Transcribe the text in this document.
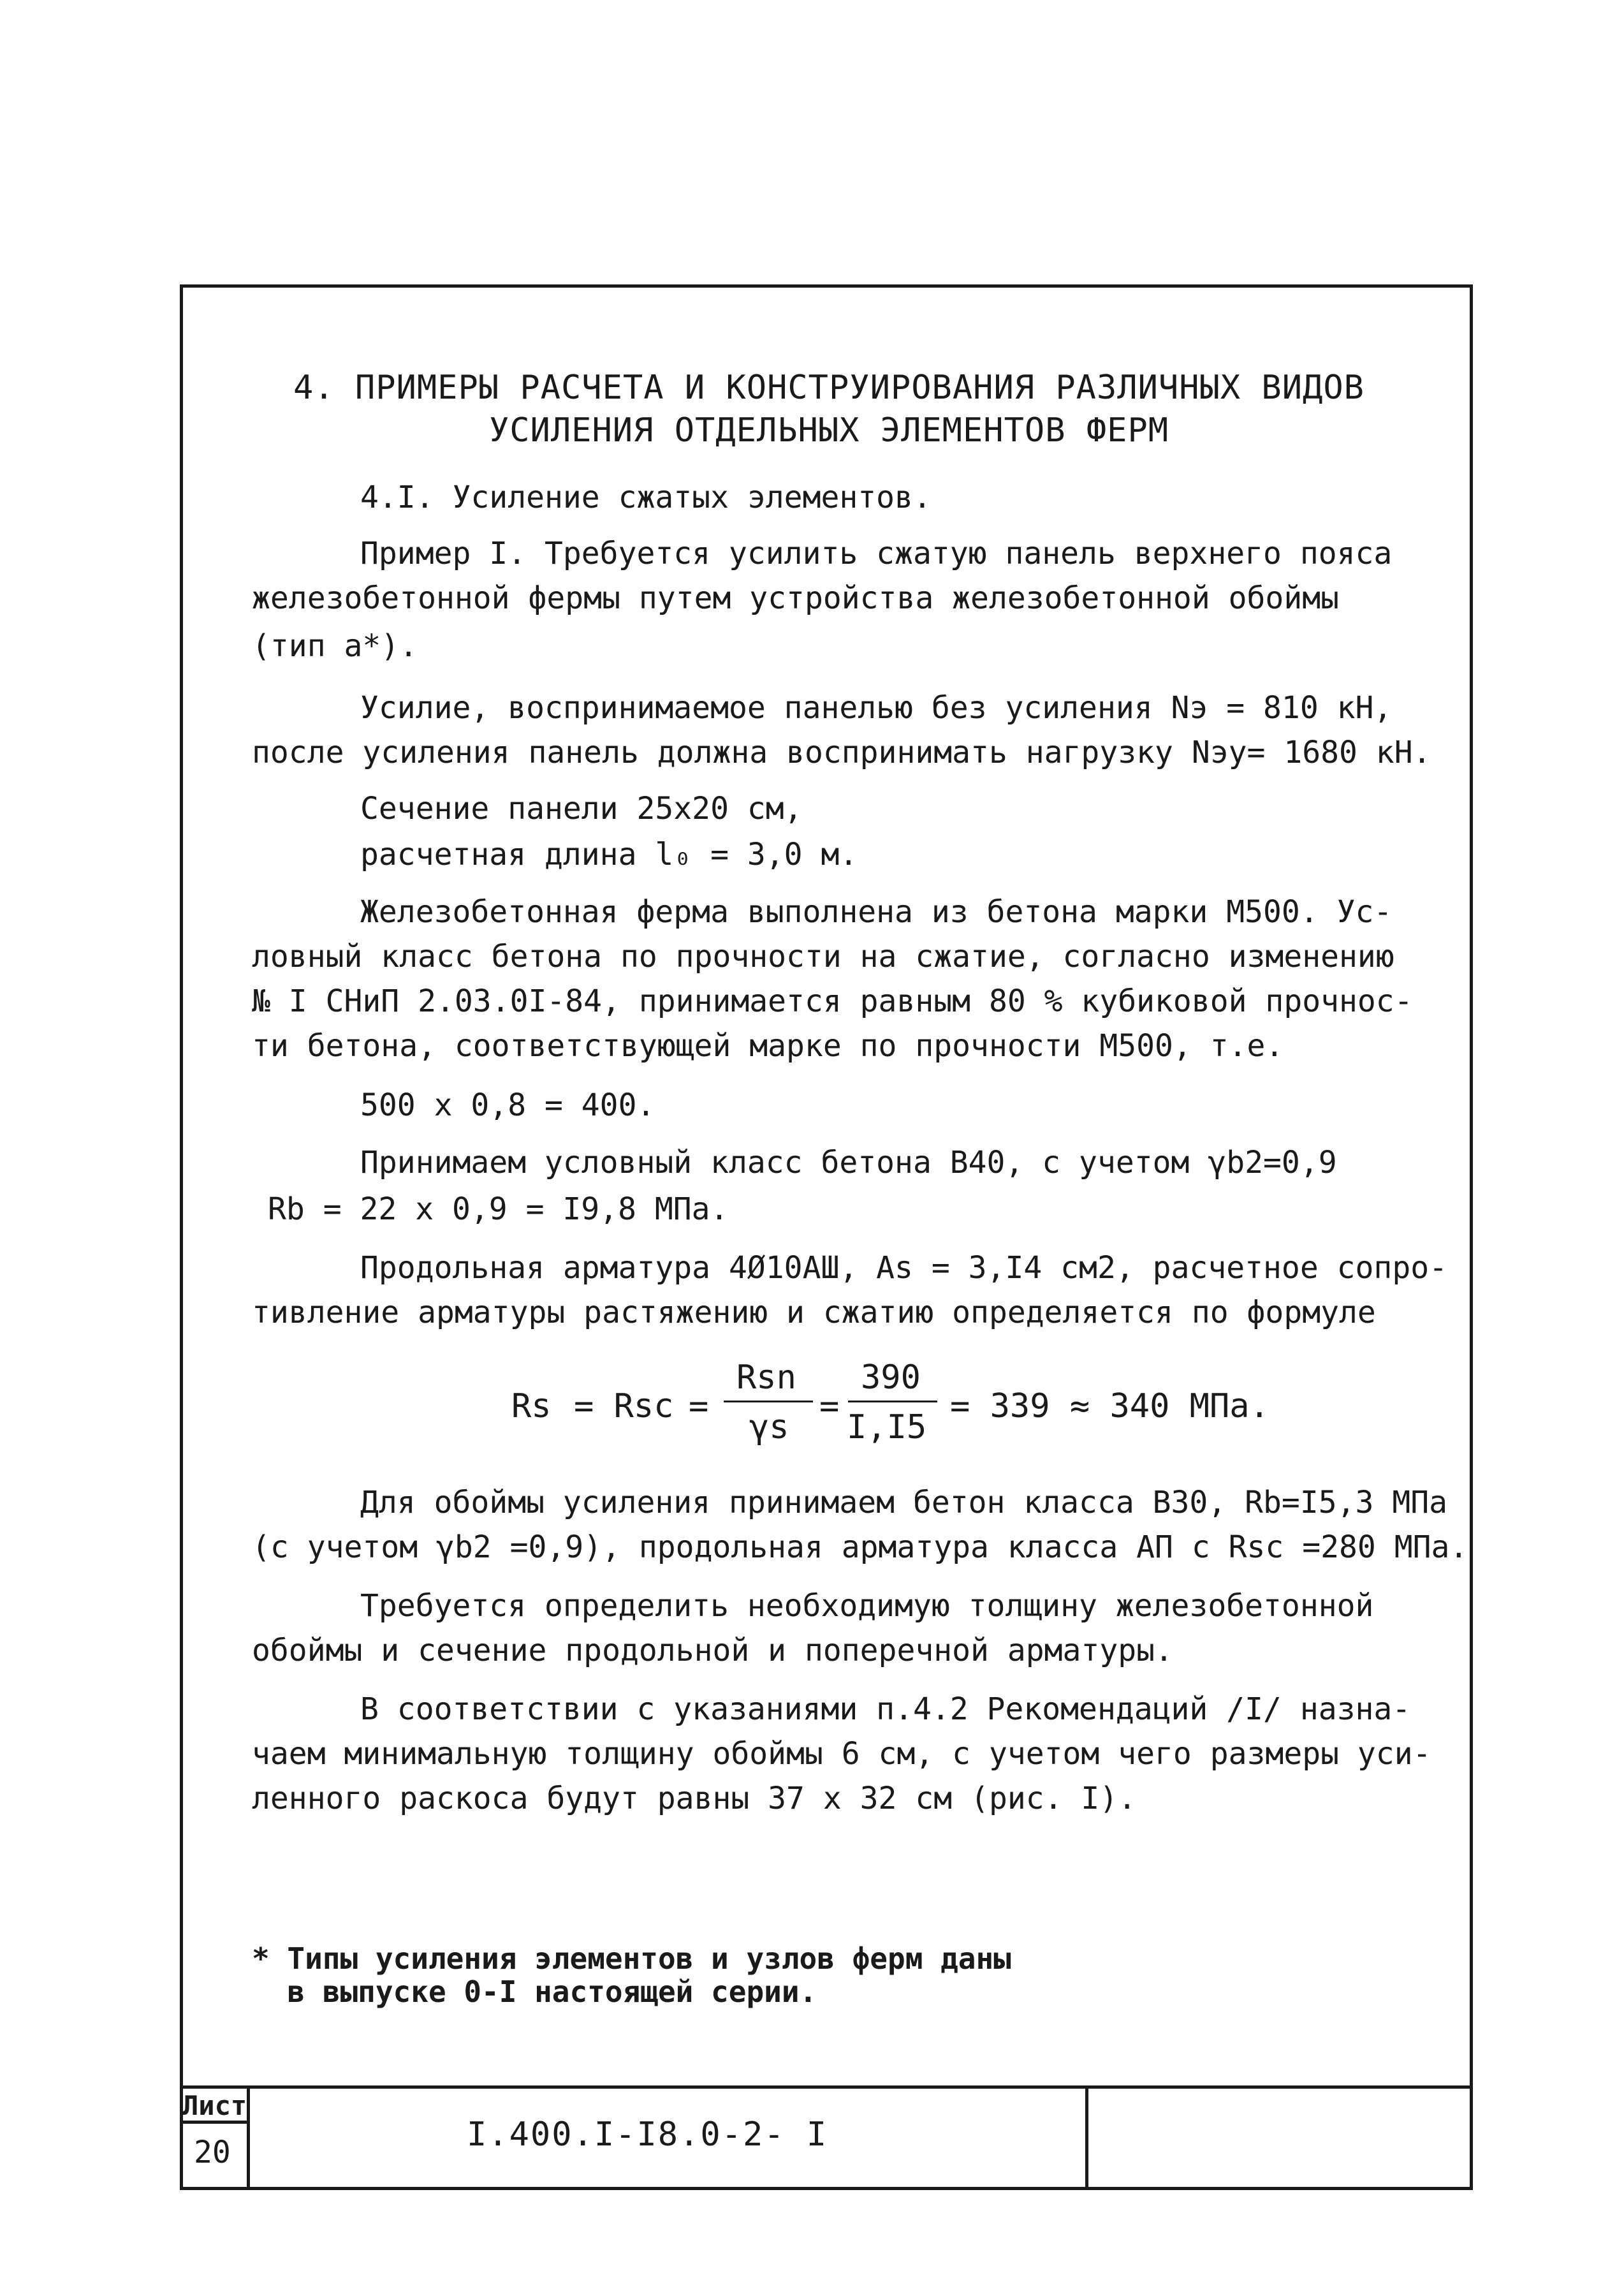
4. ПРИМЕРЫ РАСЧЕТА И КОНСТРУИРОВАНИЯ РАЗЛИЧНЫХ ВИДОВ
УСИЛЕНИЯ ОТДЕЛЬНЫХ ЭЛЕМЕНТОВ ФЕРМ

4.I. Усиление сжатых элементов.

Пример I. Требуется усилить сжатую панель верхнего пояса

железобетонной фермы путем устройства железобетонной обоймы

(тип a*).

Усилие, воспринимаемое панелью без усиления Nэ = 810 кН,

после усиления панель должна воспринимать нагрузку Nэу= 1680 кН.

Сечение панели 25х20 см,

расчетная длина l₀ = 3,0 м.

Железобетонная ферма выполнена из бетона марки М500. Ус-

ловный класс бетона по прочности на сжатие, согласно изменению

№ I СНиП 2.03.0I-84, принимается равным 80 % кубиковой прочнос-

ти бетона, соответствующей марке по прочности М500, т.е.

500 х 0,8 = 400.

Принимаем условный класс бетона В40, с учетом γb2=0,9

Rb = 22 х 0,9 = I9,8 МПа.

Продольная арматура 4Ø10АШ, As = 3,I4 см2, расчетное сопро-

тивление арматуры растяжению и сжатию определяется по формуле

Rs = Rsc =
Rsn
γs
=
390
I,I5
= 339 ≈ 340 МПа.

Для обоймы усиления принимаем бетон класса В30, Rb=I5,3 МПа

(с учетом γb2 =0,9), продольная арматура класса АП с Rsc =280 МПа.

Требуется определить необходимую толщину железобетонной

обоймы и сечение продольной и поперечной арматуры.

В соответствии с указаниями п.4.2 Рекомендаций /I/ назна-

чаем минимальную толщину обоймы 6 см, с учетом чего размеры уси-

ленного раскоса будут равны 37 х 32 см (рис. I).

* Типы усиления элементов и узлов ферм даны
в выпуске 0-I настоящей серии.
Лист
20	I.400.I-I8.0-2- I
